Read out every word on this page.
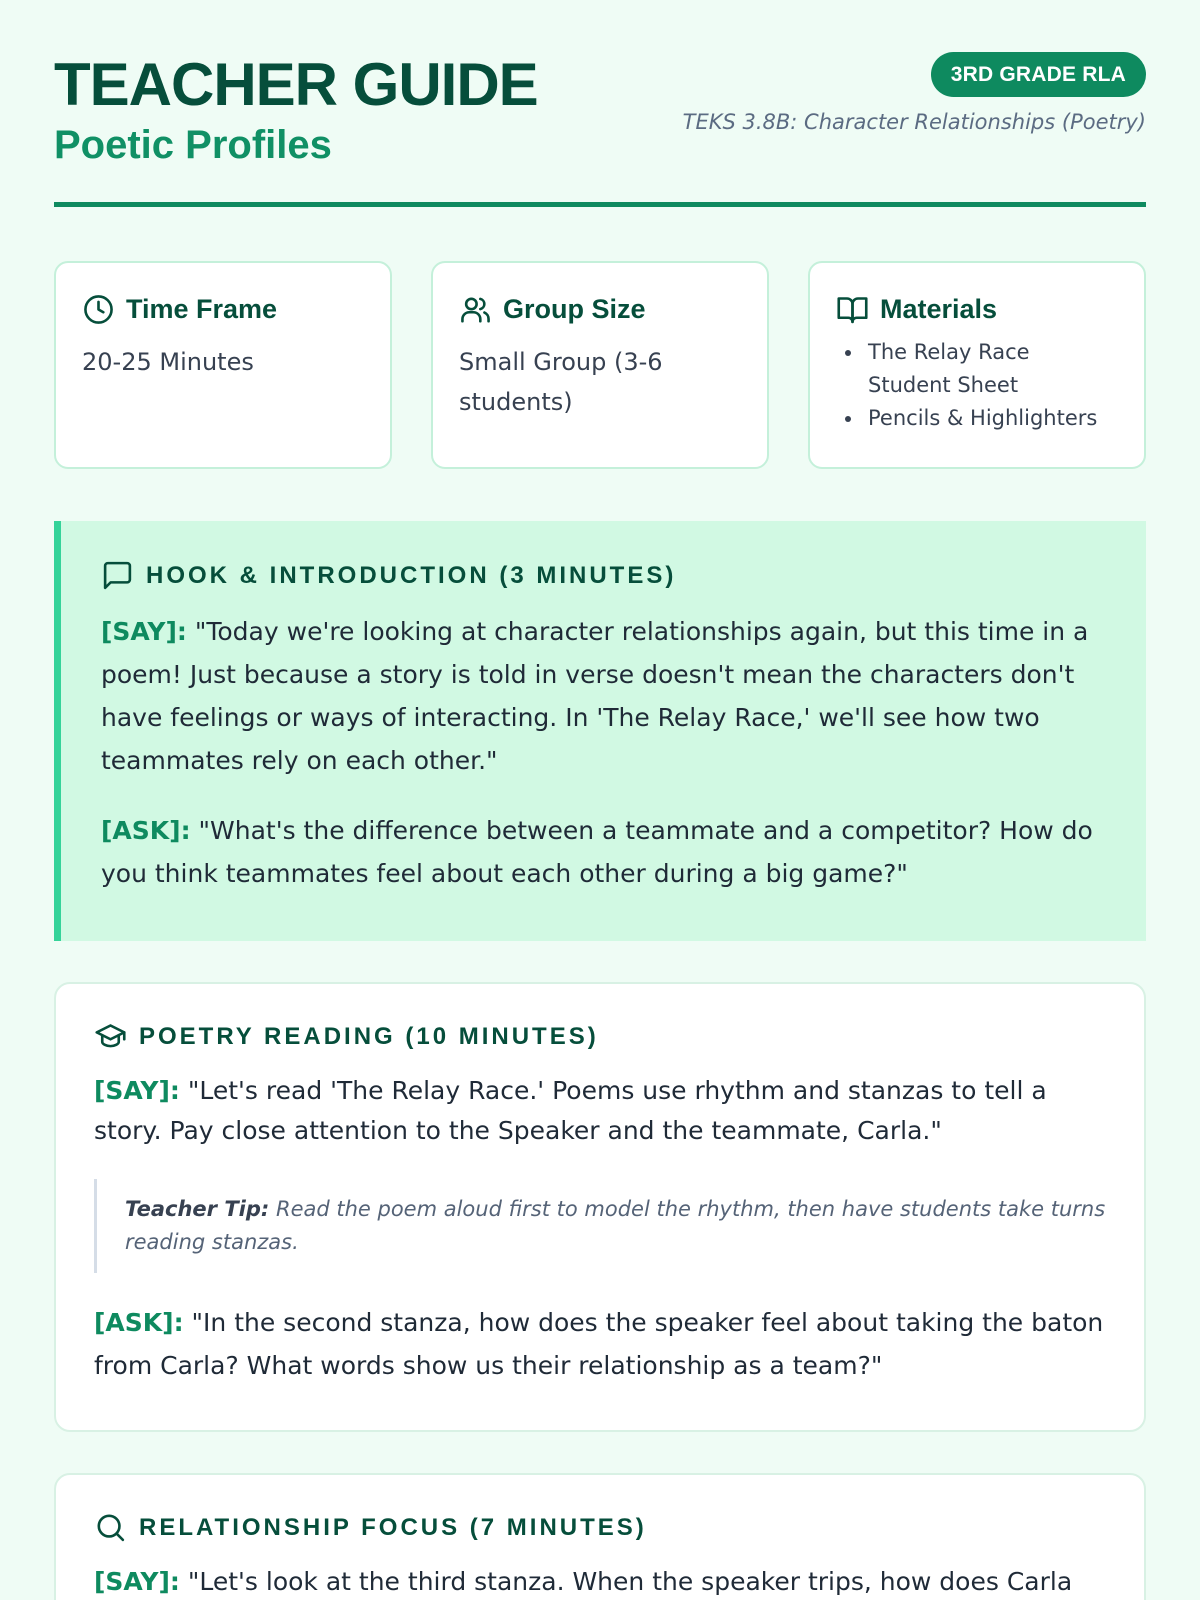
TEACHER GUIDE
Poetic Profiles
3RD GRADE RLA
TEKS 3.8B: Character Relationships (Poetry)
Time Frame
20-25 Minutes
Group Size
Small Group (3-6 students)
Materials
• The Relay Race Student Sheet
• Pencils & Highlighters
HOOK & INTRODUCTION (3 MINUTES)

[SAY]: "Today we're looking at character relationships again, but this time in a poem! Just because a story is told in verse doesn't mean the characters don't have feelings or ways of interacting. In 'The Relay Race,' we'll see how two teammates rely on each other."

[ASK]: "What's the difference between a teammate and a competitor? How do you think teammates feel about each other during a big game?"

POETRY READING (10 MINUTES)

[SAY]: "Let's read 'The Relay Race.' Poems use rhythm and stanzas to tell a story. Pay close attention to the Speaker and the teammate, Carla."

Teacher Tip: Read the poem aloud first to model the rhythm, then have students take turns reading stanzas.

[ASK]: "In the second stanza, how does the speaker feel about taking the baton from Carla? What words show us their relationship as a team?"

RELATIONSHIP FOCUS (7 MINUTES)

[SAY]: "Let's look at the third stanza. When the speaker trips, how does Carla
